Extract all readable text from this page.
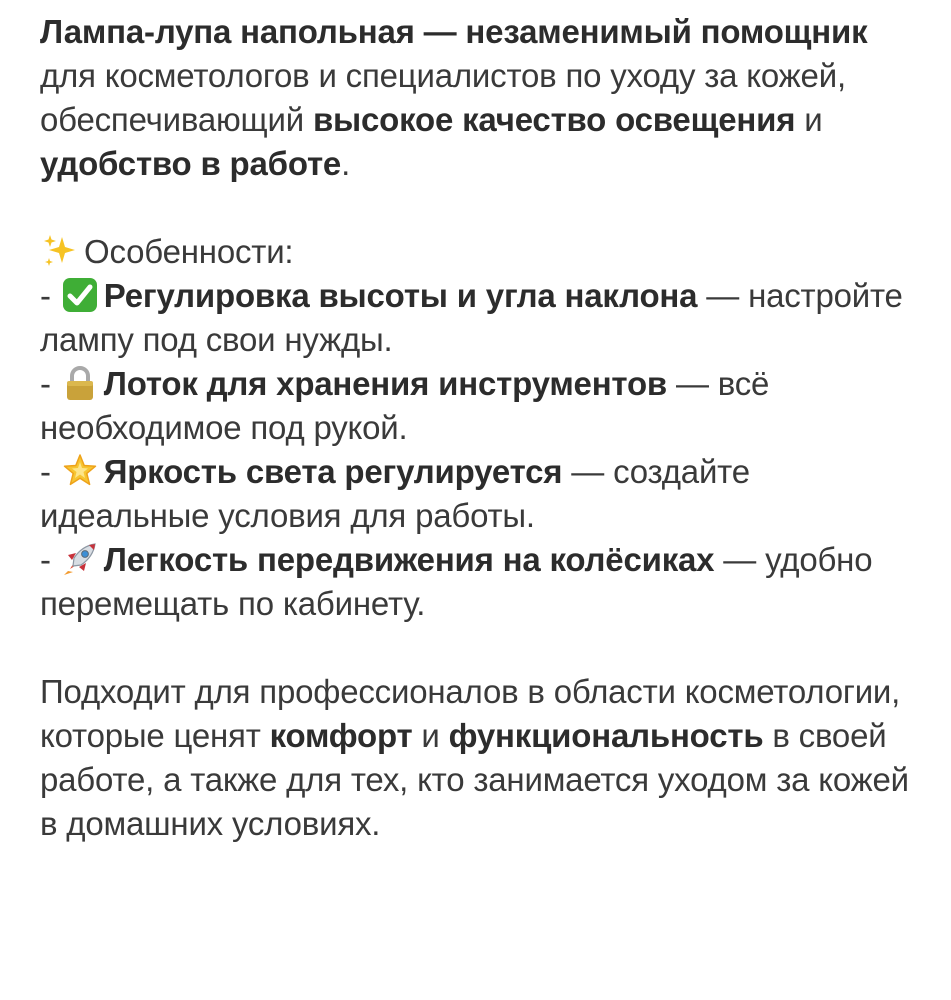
Лампа-лупа напольная — незаменимый помощник для косметологов и специалистов по уходу за кожей, обеспечивающий высокое качество освещения и удобство в работе.

Особенности:

-
Регулировка высоты и угла наклона — настройте лампу под свои нужды.

-
Лоток для хранения инструментов — всё необходимое под рукой.

-
Яркость света регулируется — создайте идеальные условия для работы.

-
Легкость передвижения на колёсиках — удобно перемещать по кабинету.

Подходит для профессионалов в области косметологии, которые ценят комфорт и функциональность в своей работе, а также для тех, кто занимается уходом за кожей в домашних условиях.
